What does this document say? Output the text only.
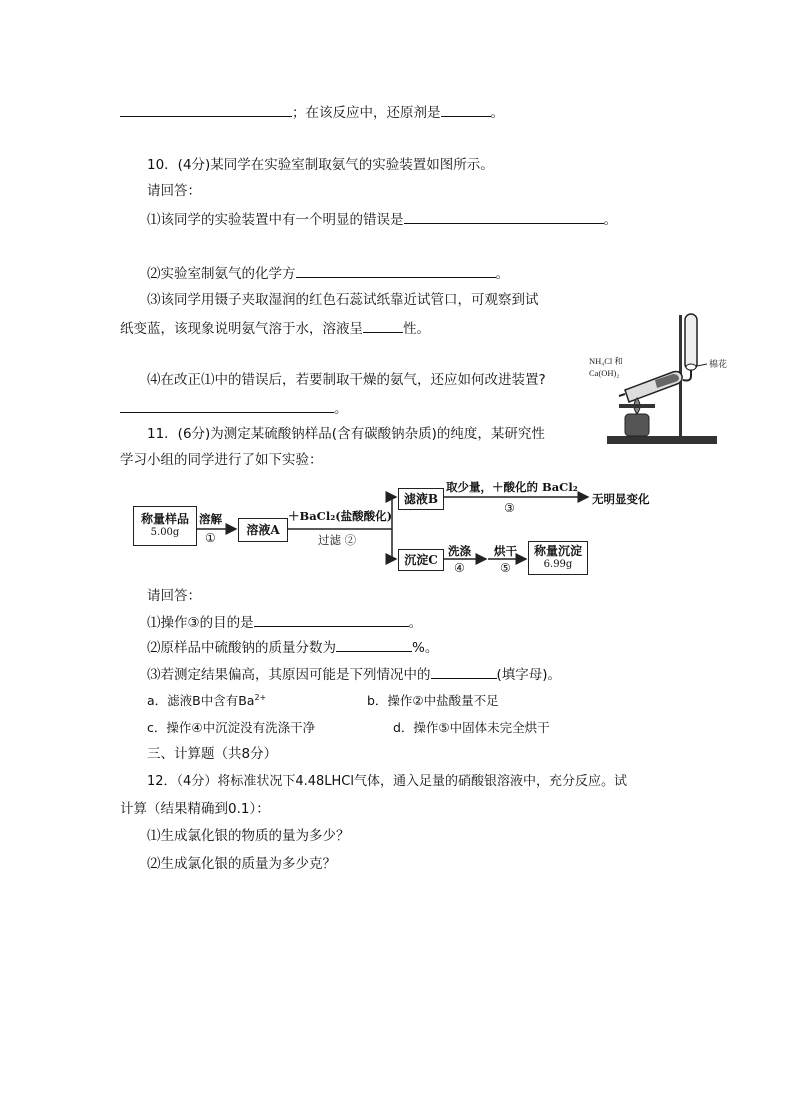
；在该反应中，还原剂是	。
10．(4分)某同学在实验室制取氨气的实验装置如图所示。
请回答：
⑴该同学的实验装置中有一个明显的错误是	。
⑵实验室制氨气的化学方	。
⑶该同学用镊子夹取湿润的红色石蕊试纸靠近试管口，可观察到试
纸变蓝，该现象说明氨气溶于水，溶液呈	性。
⑷在改正⑴中的错误后，若要制取干燥的氨气，还应如何改进装置?
。
NH₄Cl 和
Ca(OH)₂
棉花
11．(6分)为测定某硫酸钠样品(含有碳酸钠杂质)的纯度，某研究性
学习小组的同学进行了如下实验：
称量样品
5.00g
溶解
①
溶液A
＋BaCl₂(盐酸酸化)
过滤 ②
滤液B
取少量，＋酸化的 BaCl₂
③
无明显变化
沉淀C
洗涤
④
烘干
⑤
称量沉淀
6.99g
请回答：
⑴操作③的目的是	。
⑵原样品中硫酸钠的质量分数为	%。
⑶若测定结果偏高，其原因可能是下列情况中的	(填字母)。
a．滤液B中含有$Ba^{2+}$	b．操作②中盐酸量不足
c．操作④中沉淀没有洗涤干净	d．操作⑤中固体未完全烘干
三、计算题（共8分）
12．（4分）将标准状况下4.48LHCl气体，通入足量的硝酸银溶液中，充分反应。试
计算（结果精确到0.1）：
⑴生成氯化银的物质的量为多少？
⑵生成氯化银的质量为多少克？
